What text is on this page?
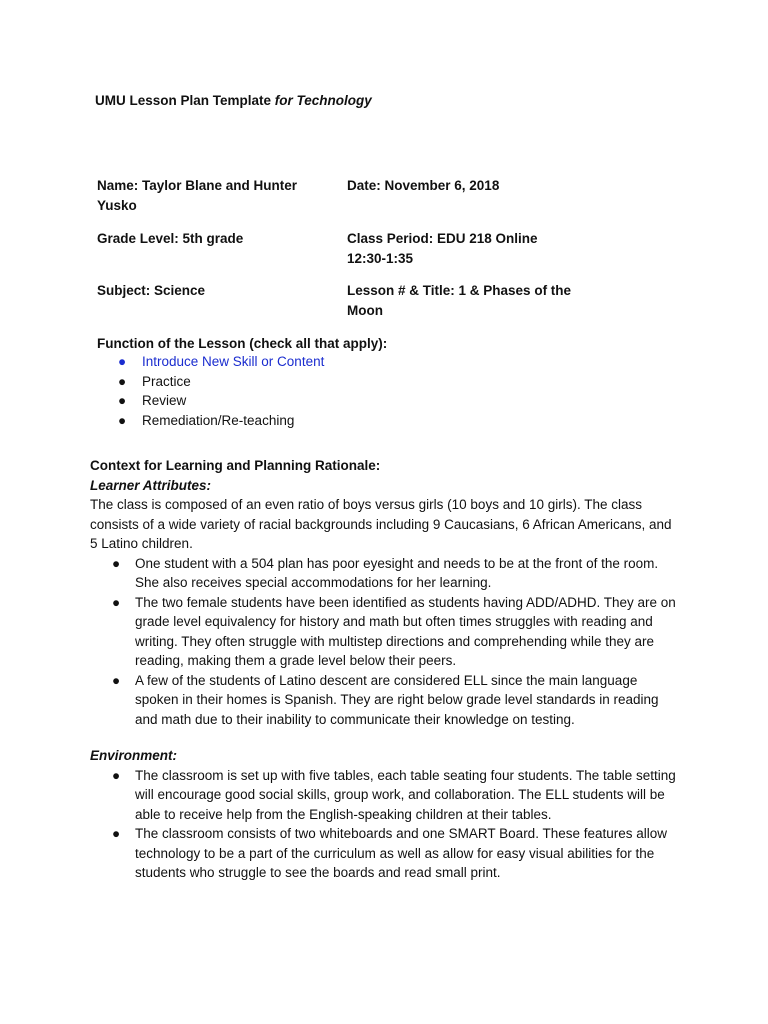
UMU Lesson Plan Template for Technology
Name: Taylor Blane and Hunter Yusko
Date: November 6, 2018
Grade Level: 5th grade	Class Period: EDU 218 Online 12:30-1:35
Subject: Science	Lesson # & Title: 1 & Phases of the Moon
Function of the Lesson (check all that apply):
● Introduce New Skill or Content
● Practice
● Review
● Remediation/Re-teaching
Context for Learning and Planning Rationale:
Learner Attributes:
The class is composed of an even ratio of boys versus girls (10 boys and 10 girls). The class consists of a wide variety of racial backgrounds including 9 Caucasians, 6 African Americans, and 5 Latino children.
● One student with a 504 plan has poor eyesight and needs to be at the front of the room. She also receives special accommodations for her learning.
● The two female students have been identified as students having ADD/ADHD. They are on grade level equivalency for history and math but often times struggles with reading and writing. They often struggle with multistep directions and comprehending while they are reading, making them a grade level below their peers.
● A few of the students of Latino descent are considered ELL since the main language spoken in their homes is Spanish. They are right below grade level standards in reading and math due to their inability to communicate their knowledge on testing.
Environment:
● The classroom is set up with five tables, each table seating four students. The table setting will encourage good social skills, group work, and collaboration. The ELL students will be able to receive help from the English-speaking children at their tables.
● The classroom consists of two whiteboards and one SMART Board. These features allow technology to be a part of the curriculum as well as allow for easy visual abilities for the students who struggle to see the boards and read small print.
